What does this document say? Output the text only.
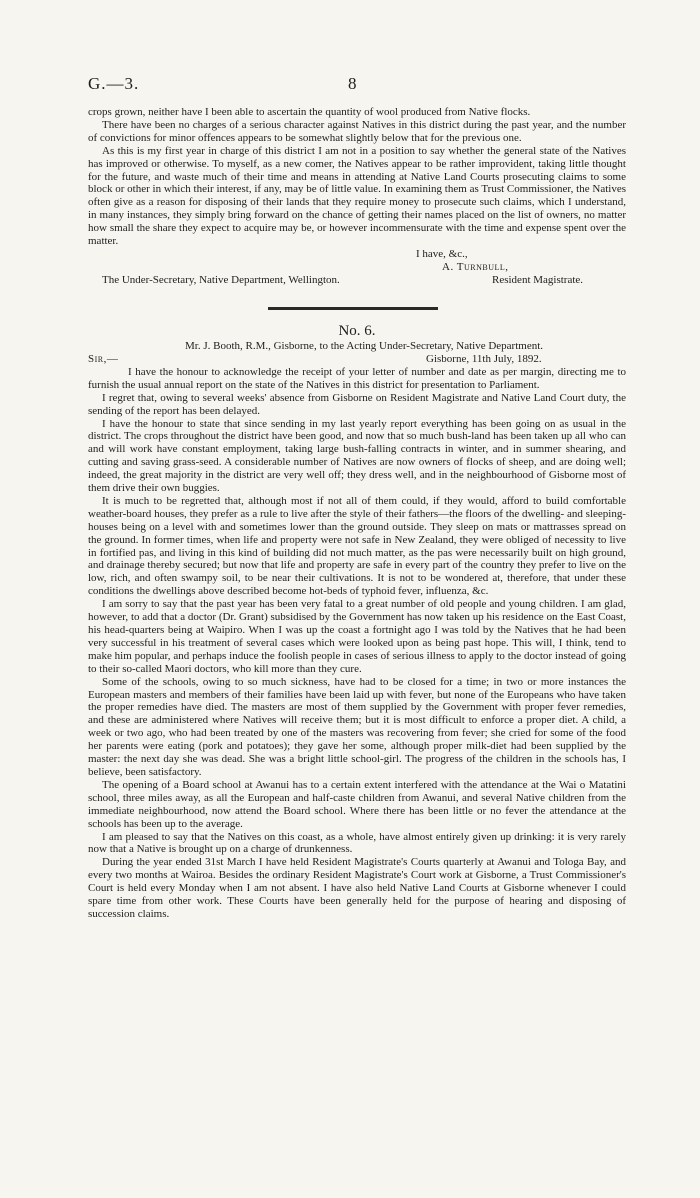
G.—3.	8

crops grown, neither have I been able to ascertain the quantity of wool produced from Native flocks.

There have been no charges of a serious character against Natives in this district during the past year, and the number of convictions for minor offences appears to be somewhat slightly below that for the previous one.

As this is my first year in charge of this district I am not in a position to say whether the general state of the Natives has improved or otherwise. To myself, as a new comer, the Natives appear to be rather improvident, taking little thought for the future, and waste much of their time and means in attending at Native Land Courts prosecuting claims to some block or other in which their interest, if any, may be of little value. In examining them as Trust Commissioner, the Natives often give as a reason for disposing of their lands that they require money to prosecute such claims, which I understand, in many instances, they simply bring forward on the chance of getting their names placed on the list of owners, no matter how small the share they expect to acquire may be, or however incommensurate with the time and expense spent over the matter.

I have, &c.,
A. Turnbull,
The Under-Secretary, Native Department, Wellington.	Resident Magistrate.
No. 6.

Mr. J. Booth, R.M., Gisborne, to the Acting Under-Secretary, Native Department.

Sir,—	Gisborne, 11th July, 1892.

I have the honour to acknowledge the receipt of your letter of number and date as per margin, directing me to furnish the usual annual report on the state of the Natives in this district for presentation to Parliament.

I regret that, owing to several weeks' absence from Gisborne on Resident Magistrate and Native Land Court duty, the sending of the report has been delayed.

I have the honour to state that since sending in my last yearly report everything has been going on as usual in the district. The crops throughout the district have been good, and now that so much bush-land has been taken up all who can and will work have constant employment, taking large bush-falling contracts in winter, and in summer shearing, and cutting and saving grass-seed. A considerable number of Natives are now owners of flocks of sheep, and are doing well; indeed, the great majority in the district are very well off; they dress well, and in the neighbourhood of Gisborne most of them drive their own buggies.

It is much to be regretted that, although most if not all of them could, if they would, afford to build comfortable weather-board houses, they prefer as a rule to live after the style of their fathers—the floors of the dwelling- and sleeping-houses being on a level with and sometimes lower than the ground outside. They sleep on mats or mattrasses spread on the ground. In former times, when life and property were not safe in New Zealand, they were obliged of necessity to live in fortified pas, and living in this kind of building did not much matter, as the pas were necessarily built on high ground, and drainage thereby secured; but now that life and property are safe in every part of the country they prefer to live on the low, rich, and often swampy soil, to be near their cultivations. It is not to be wondered at, therefore, that under these conditions the dwellings above described become hot-beds of typhoid fever, influenza, &c.

I am sorry to say that the past year has been very fatal to a great number of old people and young children. I am glad, however, to add that a doctor (Dr. Grant) subsidised by the Government has now taken up his residence on the East Coast, his head-quarters being at Waipiro. When I was up the coast a fortnight ago I was told by the Natives that he had been very successful in his treatment of several cases which were looked upon as being past hope. This will, I think, tend to make him popular, and perhaps induce the foolish people in cases of serious illness to apply to the doctor instead of going to their so-called Maori doctors, who kill more than they cure.

Some of the schools, owing to so much sickness, have had to be closed for a time; in two or more instances the European masters and members of their families have been laid up with fever, but none of the Europeans who have taken the proper remedies have died. The masters are most of them supplied by the Government with proper fever remedies, and these are administered where Natives will receive them; but it is most difficult to enforce a proper diet. A child, a week or two ago, who had been treated by one of the masters was recovering from fever; she cried for some of the food her parents were eating (pork and potatoes); they gave her some, although proper milk-diet had been supplied by the master: the next day she was dead. She was a bright little school-girl. The progress of the children in the schools has, I believe, been satisfactory.

The opening of a Board school at Awanui has to a certain extent interfered with the attendance at the Wai o Matatini school, three miles away, as all the European and half-caste children from Awanui, and several Native children from the immediate neighbourhood, now attend the Board school. Where there has been little or no fever the attendance at the schools has been up to the average.

I am pleased to say that the Natives on this coast, as a whole, have almost entirely given up drinking: it is very rarely now that a Native is brought up on a charge of drunkenness.

During the year ended 31st March I have held Resident Magistrate's Courts quarterly at Awanui and Tologa Bay, and every two months at Wairoa. Besides the ordinary Resident Magistrate's Court work at Gisborne, a Trust Commissioner's Court is held every Monday when I am not absent. I have also held Native Land Courts at Gisborne whenever I could spare time from other work. These Courts have been generally held for the purpose of hearing and disposing of succession claims.
